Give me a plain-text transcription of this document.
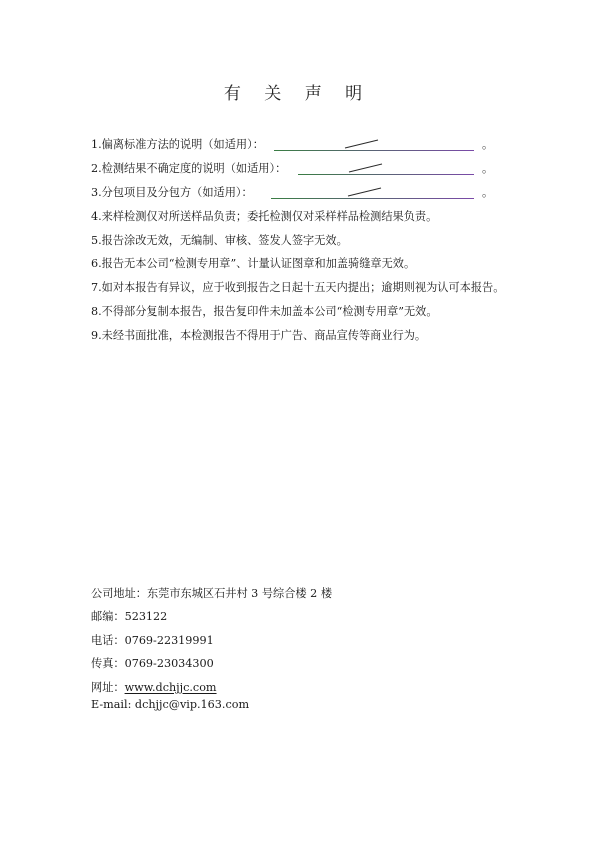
有 关 声 明
1.偏离标准方法的说明（如适用）：	。
2.检测结果不确定度的说明（如适用）：	。
3.分包项目及分包方（如适用）：	。
4.来样检测仅对所送样品负责；委托检测仅对采样样品检测结果负责。
5.报告涂改无效，无编制、审核、签发人签字无效。
6.报告无本公司“检测专用章”、计量认证图章和加盖骑缝章无效。
7.如对本报告有异议，应于收到报告之日起十五天内提出；逾期则视为认可本报告。
8.不得部分复制本报告，报告复印件未加盖本公司“检测专用章”无效。
9.未经书面批准，本检测报告不得用于广告、商品宣传等商业行为。
公司地址：东莞市东城区石井村 3 号综合楼 2 楼
邮编：523122
电话：0769-22319991
传真：0769-23034300
网址：www.dchjjc.com
E-mail: dchjjc@vip.163.com
